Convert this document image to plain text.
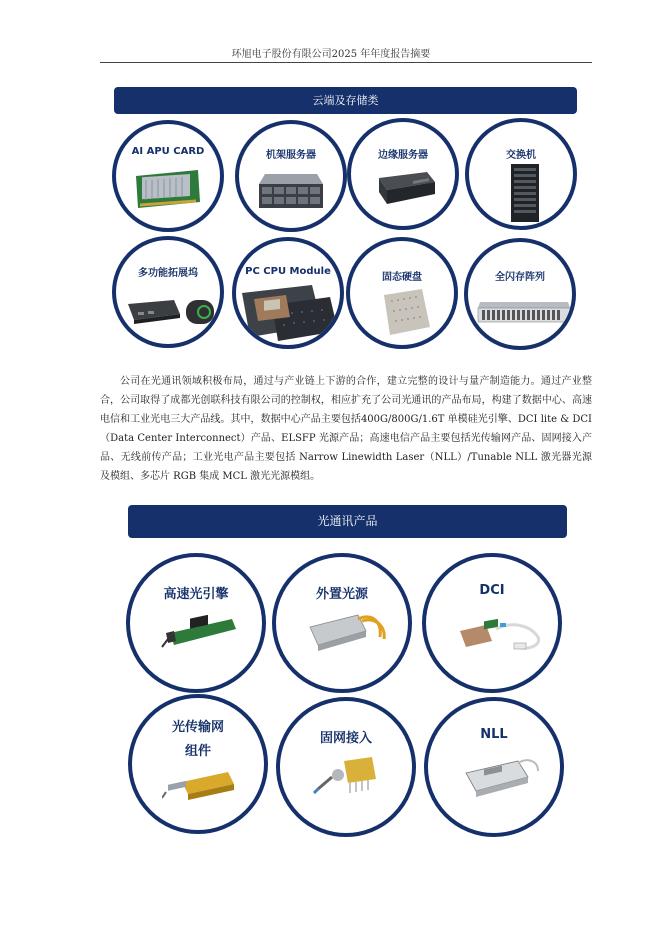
环旭电子股份有限公司2025 年年度报告摘要
云端及存储类
AI APU CARD	机架服务器	边缘服务器	交换机
多功能拓展坞	PC CPU Module
固态硬盘	全闪存阵列

公司在光通讯领域积极布局，通过与产业链上下游的合作，建立完整的设计与量产制造能力。通过产业整合，公司取得了成都光创联科技有限公司的控制权，相应扩充了公司光通讯的产品布局，构建了数据中心、高速电信和工业光电三大产品线。其中，数据中心产品主要包括400G/800G/1.6T 单模硅光引擎、DCI lite & DCI（Data Center Interconnect）产品、ELSFP 光源产品；高速电信产品主要包括光传输网产品、固网接入产品、无线前传产品；工业光电产品主要包括 Narrow Linewidth Laser（NLL）/Tunable NLL 激光器光源及模组、多芯片 RGB 集成 MCL 激光光源模组。

光通讯产品
高速光引擎	外置光源	DCI
光传输网
组件
固网接入	NLL
